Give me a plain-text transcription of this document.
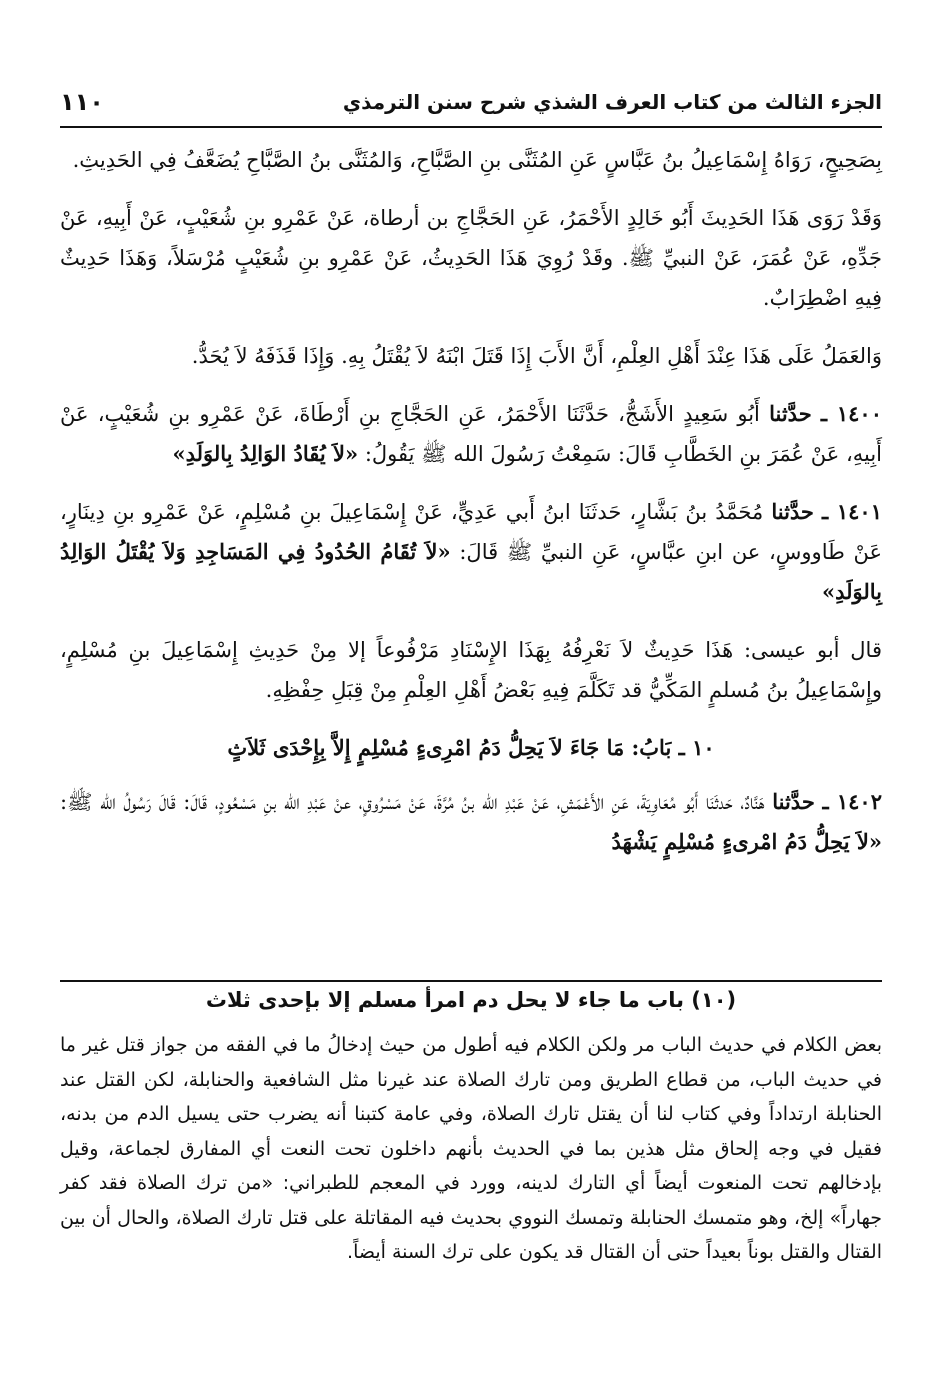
الجزء الثالث من كتاب العرف الشذي شرح سنن الترمذي
١١٠

بِصَحِيحٍ، رَوَاهُ إِسْمَاعِيلُ بنُ عَبَّاسٍ عَنِ المُثَنَّى بنِ الصَّبَّاحِ، وَالمُثَنَّى بنُ الصَّبَّاحِ يُضَعَّفُ فِي الحَدِيثِ.

وَقَدْ رَوَى هَذَا الحَدِيثَ أَبُو خَالِدٍ الأَحْمَرُ، عَنِ الحَجَّاجِ بن أرطاة، عَنْ عَمْرِو بنِ شُعَيْبٍ، عَنْ أَبِيهِ، عَنْ جَدِّهِ، عَنْ عُمَرَ، عَنْ النبيِّ ﷺ. وقَدْ رُوِيَ هَذَا الحَدِيثُ، عَنْ عَمْرِو بنِ شُعَيْبٍ مُرْسَلاً، وَهَذَا حَدِيثٌ فِيهِ اضْطِرَابٌ.

وَالعَمَلُ عَلَى هَذَا عِنْدَ أَهْلِ العِلْمِ، أَنَّ الأَبَ إِذَا قَتَلَ ابْنَهُ لاَ يُقْتَلُ بِهِ. وَإِذَا قَذَفَهُ لاَ يُحَدُّ.

١٤٠٠ ـ حدَّثنا أَبُو سَعِيدٍ الأَشَجُّ، حَدَّثَنَا الأَحْمَرُ، عَنِ الحَجَّاجِ بنِ أَرْطَاةَ، عَنْ عَمْرِو بنِ شُعَيْبٍ، عَنْ أَبِيهِ، عَنْ عُمَرَ بنِ الخَطَّابِ قَالَ: سَمِعْتُ رَسُولَ الله ﷺ يَقُولُ: «لاَ يُقَادُ الوَالِدُ بِالوَلَدِ»

١٤٠١ ـ حدَّثنا مُحَمَّدُ بنُ بَشَّارٍ، حَدثَنَا ابنُ أَبي عَدِيٍّ، عَنْ إِسْمَاعِيلَ بنِ مُسْلِمٍ، عَنْ عَمْرِو بنِ دِينَارٍ، عَنْ طَاووسٍ، عن ابنِ عبَّاسٍ، عَنِ النبيِّ ﷺ قَالَ: «لاَ تُقَامُ الحُدُودُ فِي المَسَاجِدِ وَلاَ يُقْتَلُ الوَالِدُ بِالوَلَدِ»

قال أبو عيسى: هَذَا حَدِيثٌ لاَ نَعْرِفُهُ بِهَذَا الإِسْنَادِ مَرْفُوعاً إلا مِنْ حَدِيثِ إِسْمَاعِيلَ بنِ مُسْلِمٍ، وإِسْمَاعِيلُ بنُ مُسلمٍ المَكِّيُّ قد تَكَلَّمَ فِيهِ بَعْضُ أَهْلِ العِلْمِ مِنْ قِبَلِ حِفْظِهِ.

١٠ ـ بَابُ: مَا جَاءَ لاَ يَحِلُّ دَمُ امْرِىءٍ مُسْلِمٍ إِلاَّ بِإِحْدَى ثَلاَثٍ

١٤٠٢ ـ حدَّثنا هَنَّادٌ، حَدثَنَا أَبُو مُعَاوِيَةَ، عَنِ الأَعْمَشِ، عَنْ عَبْدِ الله بنُ مُرَّةَ، عَنْ مَسْرُوقٍ، عنْ عَبْدِ الله بنِ مَسْعُودٍ، قَالَ: قَالَ رَسُولُ الله ﷺ: «لاَ يَحِلُّ دَمُ امْرىءٍ مُسْلِمٍ يَشْهَدُ

(١٠) باب ما جاء لا يحل دم امرأ مسلم إلا بإحدى ثلاث

بعض الكلام في حديث الباب مر ولكن الكلام فيه أطول من حيث إدخالُ ما في الفقه من جواز قتل غير ما في حديث الباب، من قطاع الطريق ومن تارك الصلاة عند غيرنا مثل الشافعية والحنابلة، لكن القتل عند الحنابلة ارتداداً وفي كتاب لنا أن يقتل تارك الصلاة، وفي عامة كتبنا أنه يضرب حتى يسيل الدم من بدنه، فقيل في وجه إلحاق مثل هذين بما في الحديث بأنهم داخلون تحت النعت أي المفارق لجماعة، وقيل بإدخالهم تحت المنعوت أيضاً أي التارك لدينه، وورد في المعجم للطبراني: «من ترك الصلاة فقد كفر جهاراً» إلخ، وهو متمسك الحنابلة وتمسك النووي بحديث فيه المقاتلة على قتل تارك الصلاة، والحال أن بين القتال والقتل بوناً بعيداً حتى أن القتال قد يكون على ترك السنة أيضاً.
